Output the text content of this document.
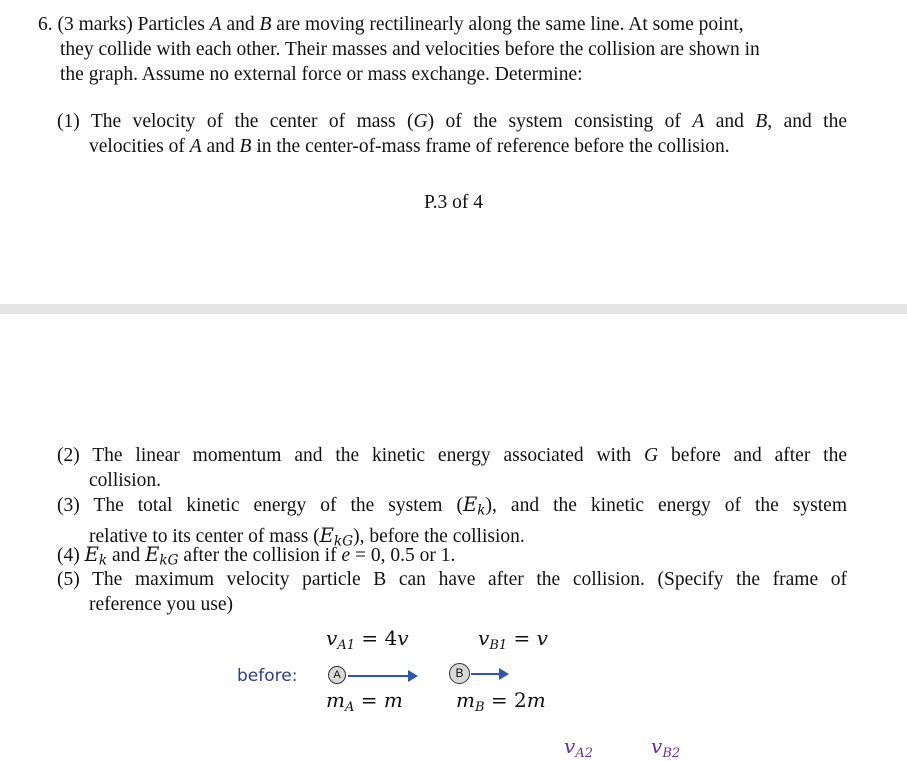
6. (3 marks) Particles A and B are moving rectilinearly along the same line. At some point,
they collide with each other. Their masses and velocities before the collision are shown in
the graph. Assume no external force or mass exchange. Determine:
(1) The velocity of the center of mass (G) of the system consisting of A and B, and the
velocities of A and B in the center-of-mass frame of reference before the collision.
P.3 of 4
(2) The linear momentum and the kinetic energy associated with G before and after the
collision.
(3) The total kinetic energy of the system (Ek), and the kinetic energy of the system
relative to its center of mass (EkG), before the collision.
(4) Ek and EkG after the collision if e = 0, 0.5 or 1.
(5) The maximum velocity particle B can have after the collision. (Specify the frame of
reference you use)
$v_{A1} = 4v$	$v_{B1} = v$
before:	A	B
$m_A = m$	$m_B = 2m$
$v_{A2}$	$v_{B2}$
